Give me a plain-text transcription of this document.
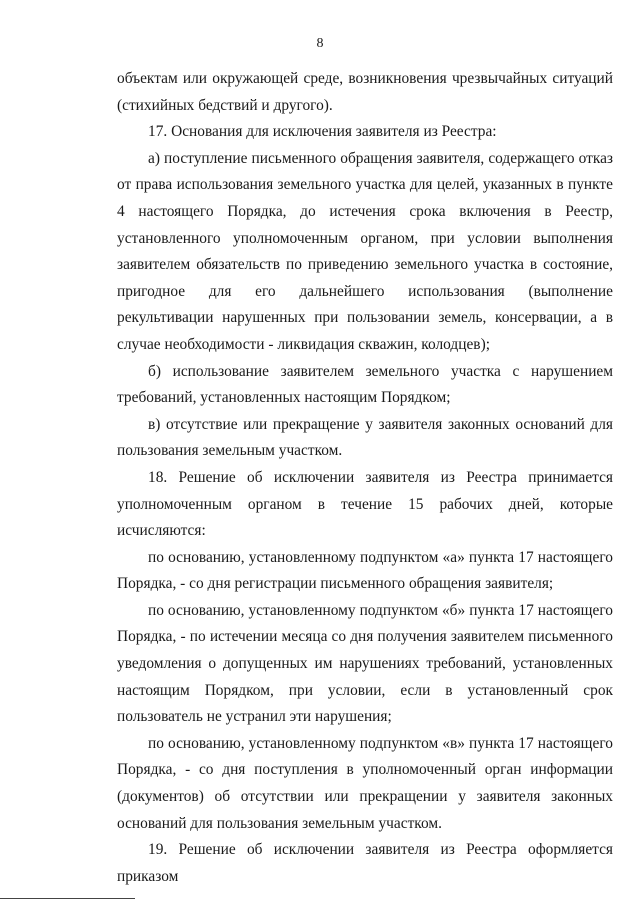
8

объектам или окружающей среде, возникновения чрезвычайных ситуаций (стихийных бедствий и другого).

17. Основания для исключения заявителя из Реестра:

а) поступление письменного обращения заявителя, содержащего отказ от права использования земельного участка для целей, указанных в пункте 4 настоящего Порядка, до истечения срока включения в Реестр, установленного уполномоченным органом, при условии выполнения заявителем обязательств по приведению земельного участка в состояние, пригодное для его дальнейшего использования (выполнение рекультивации нарушенных при пользовании земель, консервации, а в случае необходимости - ликвидация скважин, колодцев);

б) использование заявителем земельного участка с нарушением требований, установленных настоящим Порядком;

в) отсутствие или прекращение у заявителя законных оснований для пользования земельным участком.

18. Решение об исключении заявителя из Реестра принимается уполномоченным органом в течение 15 рабочих дней, которые исчисляются:

по основанию, установленному подпунктом «а» пункта 17 настоящего Порядка, - со дня регистрации письменного обращения заявителя;

по основанию, установленному подпунктом «б» пункта 17 настоящего Порядка, - по истечении месяца со дня получения заявителем письменного уведомления о допущенных им нарушениях требований, установленных настоящим Порядком, при условии, если в установленный срок пользователь не устранил эти нарушения;

по основанию, установленному подпунктом «в» пункта 17 настоящего Порядка, - со дня поступления в уполномоченный орган информации (документов) об отсутствии или прекращении у заявителя законных оснований для пользования земельным участком.

19. Решение об исключении заявителя из Реестра оформляется приказом
